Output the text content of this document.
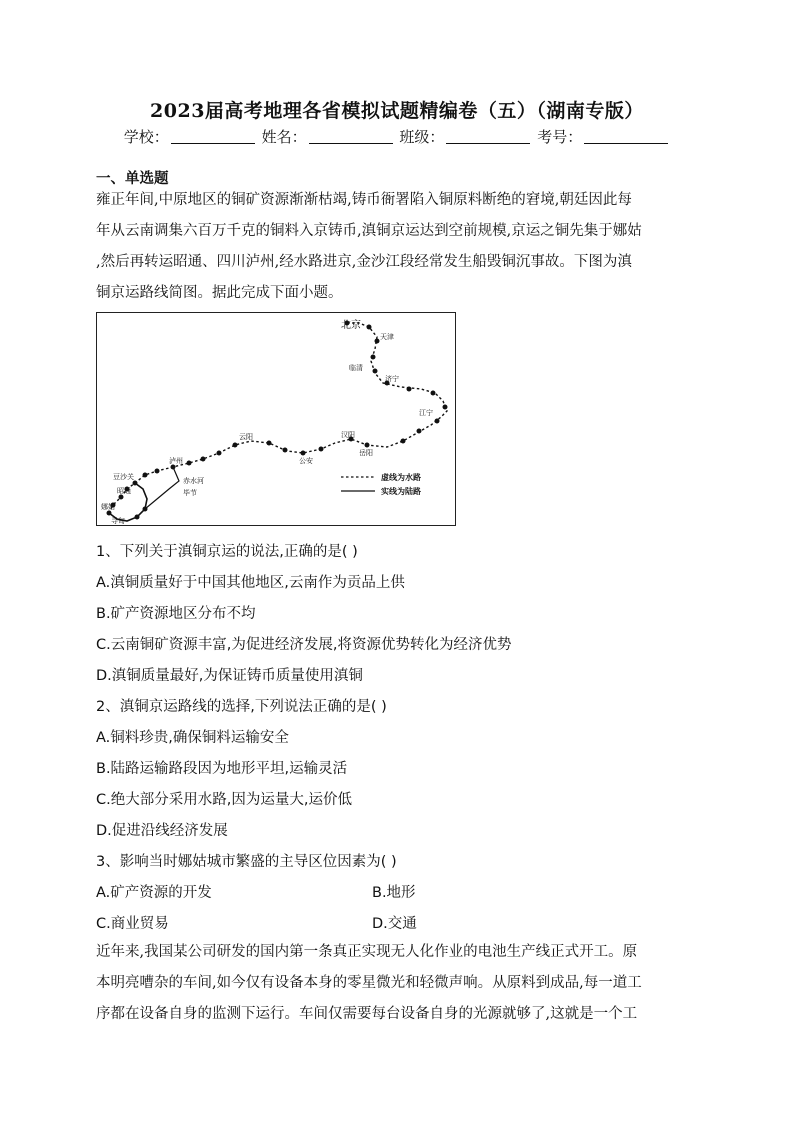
2023届高考地理各省模拟试题精编卷（五）（湖南专版）
学校：	姓名：	班级：	考号：
一、单选题
雍正年间,中原地区的铜矿资源渐渐枯竭,铸币衙署陷入铜原料断绝的窘境,朝廷因此每
年从云南调集六百万千克的铜料入京铸币,滇铜京运达到空前规模,京运之铜先集于娜姑
,然后再转运昭通、四川泸州,经水路进京,金沙江段经常发生船毁铜沉事故。下图为滇
铜京运路线简图。据此完成下面小题。
北京
天津
临清
济宁
江宁
汉阳
岳阳
公安
云阳
泸州
豆沙关	赤水河
昭通	毕节
娜姑
寻甸
虚线为水路
实线为陆路
1、下列关于滇铜京运的说法,正确的是( )
A.滇铜质量好于中国其他地区,云南作为贡品上供
B.矿产资源地区分布不均
C.云南铜矿资源丰富,为促进经济发展,将资源优势转化为经济优势
D.滇铜质量最好,为保证铸币质量使用滇铜
2、滇铜京运路线的选择,下列说法正确的是( )
A.铜料珍贵,确保铜料运输安全
B.陆路运输路段因为地形平坦,运输灵活
C.绝大部分采用水路,因为运量大,运价低
D.促进沿线经济发展
3、影响当时娜姑城市繁盛的主导区位因素为( )
A.矿产资源的开发	B.地形
C.商业贸易	D.交通
近年来,我国某公司研发的国内第一条真正实现无人化作业的电池生产线正式开工。原
本明亮嘈杂的车间,如今仅有设备本身的零星微光和轻微声响。从原料到成品,每一道工
序都在设备自身的监测下运行。车间仅需要每台设备自身的光源就够了,这就是一个工
